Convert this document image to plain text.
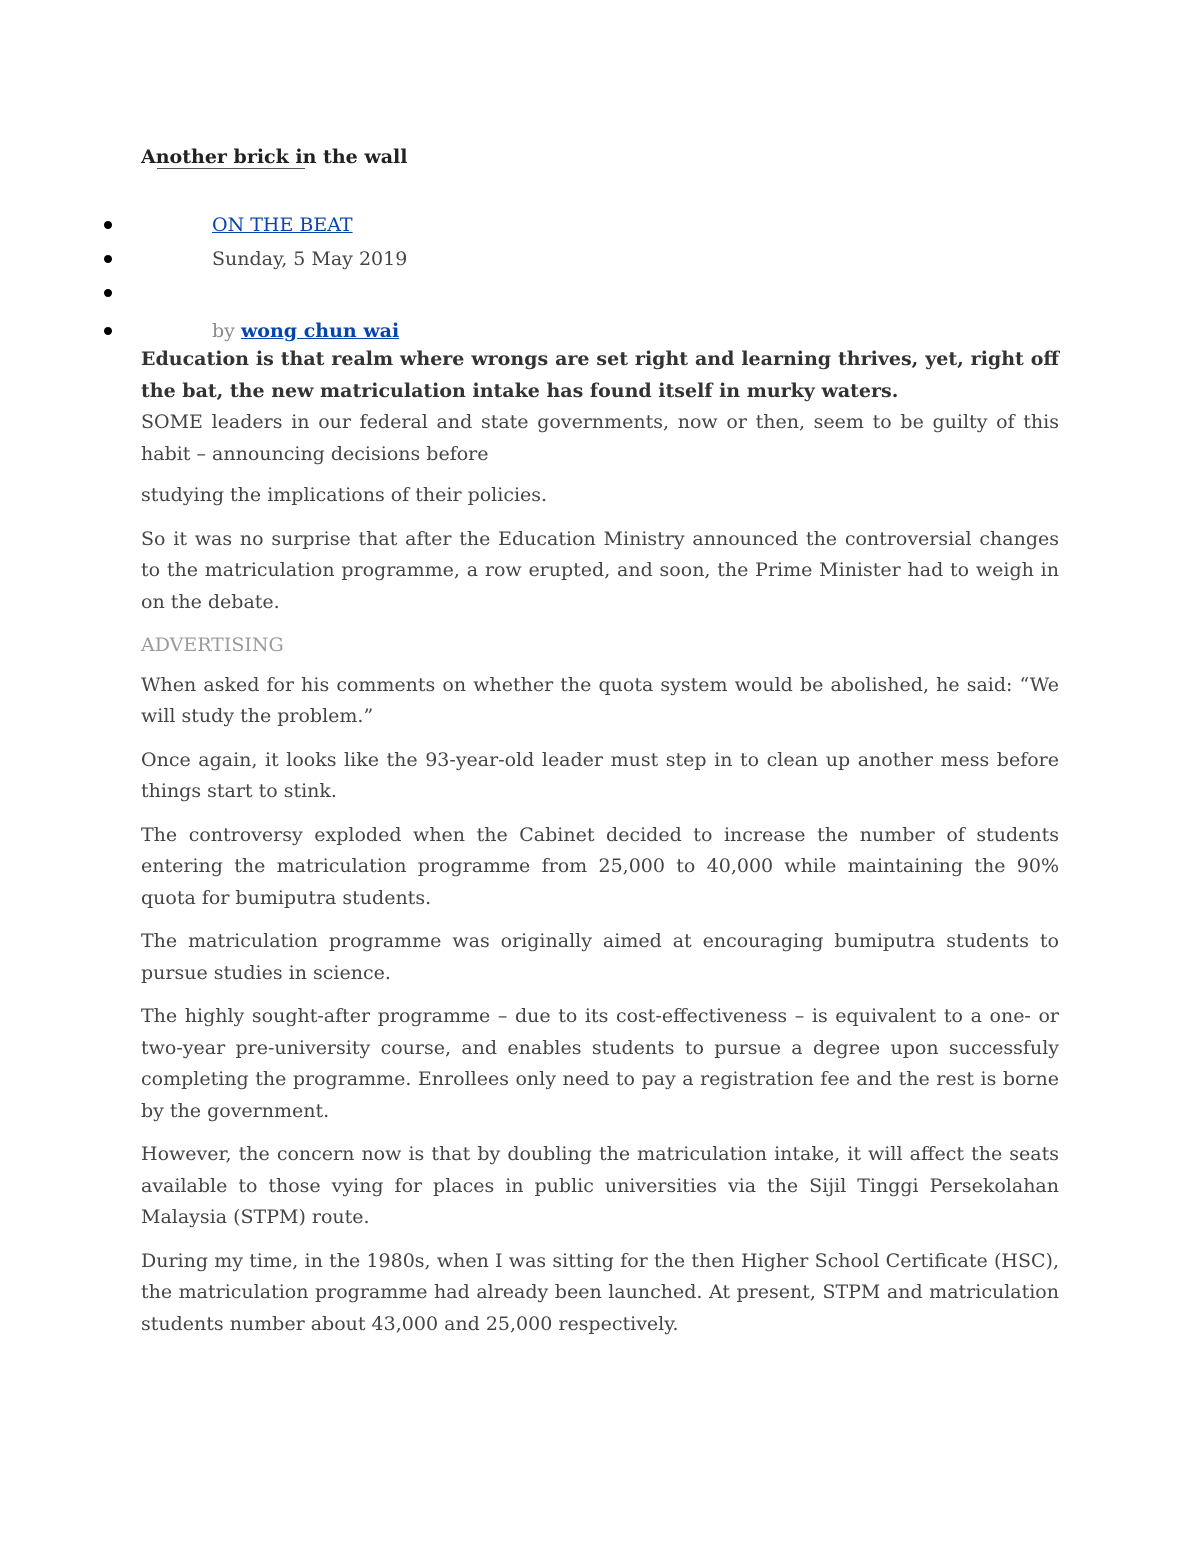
Another brick in the wall
ON THE BEAT
Sunday, 5 May 2019
by wong chun wai

Education is that realm where wrongs are set right and learning thrives, yet, right off the bat, the new matriculation intake has found itself in murky waters.

SOME leaders in our federal and state governments, now or then, seem to be guilty of this habit – announcing decisions before

studying the implications of their policies.

So it was no surprise that after the Education Ministry announced the controversial changes to the matriculation programme, a row erupted, and soon, the Prime Minister had to weigh in on the debate.

ADVERTISING

When asked for his comments on whether the quota system would be abolished, he said: “We will study the problem.”

Once again, it looks like the 93-year-old leader must step in to clean up another mess before things start to stink.

The controversy exploded when the Cabinet decided to increase the number of students entering the matriculation programme from 25,000 to 40,000 while maintaining the 90% quota for bumiputra students.

The matriculation programme was originally aimed at encouraging bumiputra students to pursue studies in science.

The highly sought-after programme – due to its cost-effectiveness – is equivalent to a one- or two-year pre-university course, and enables students to pursue a degree upon successfuly completing the programme. Enrollees only need to pay a registration fee and the rest is borne by the government.

However, the concern now is that by doubling the matriculation intake, it will affect the seats available to those vying for places in public universities via the Sijil Tinggi Persekolahan Malaysia (STPM) route.

During my time, in the 1980s, when I was sitting for the then Higher School Certificate (HSC), the matriculation programme had already been launched. At present, STPM and matriculation students number about 43,000 and 25,000 respectively.
